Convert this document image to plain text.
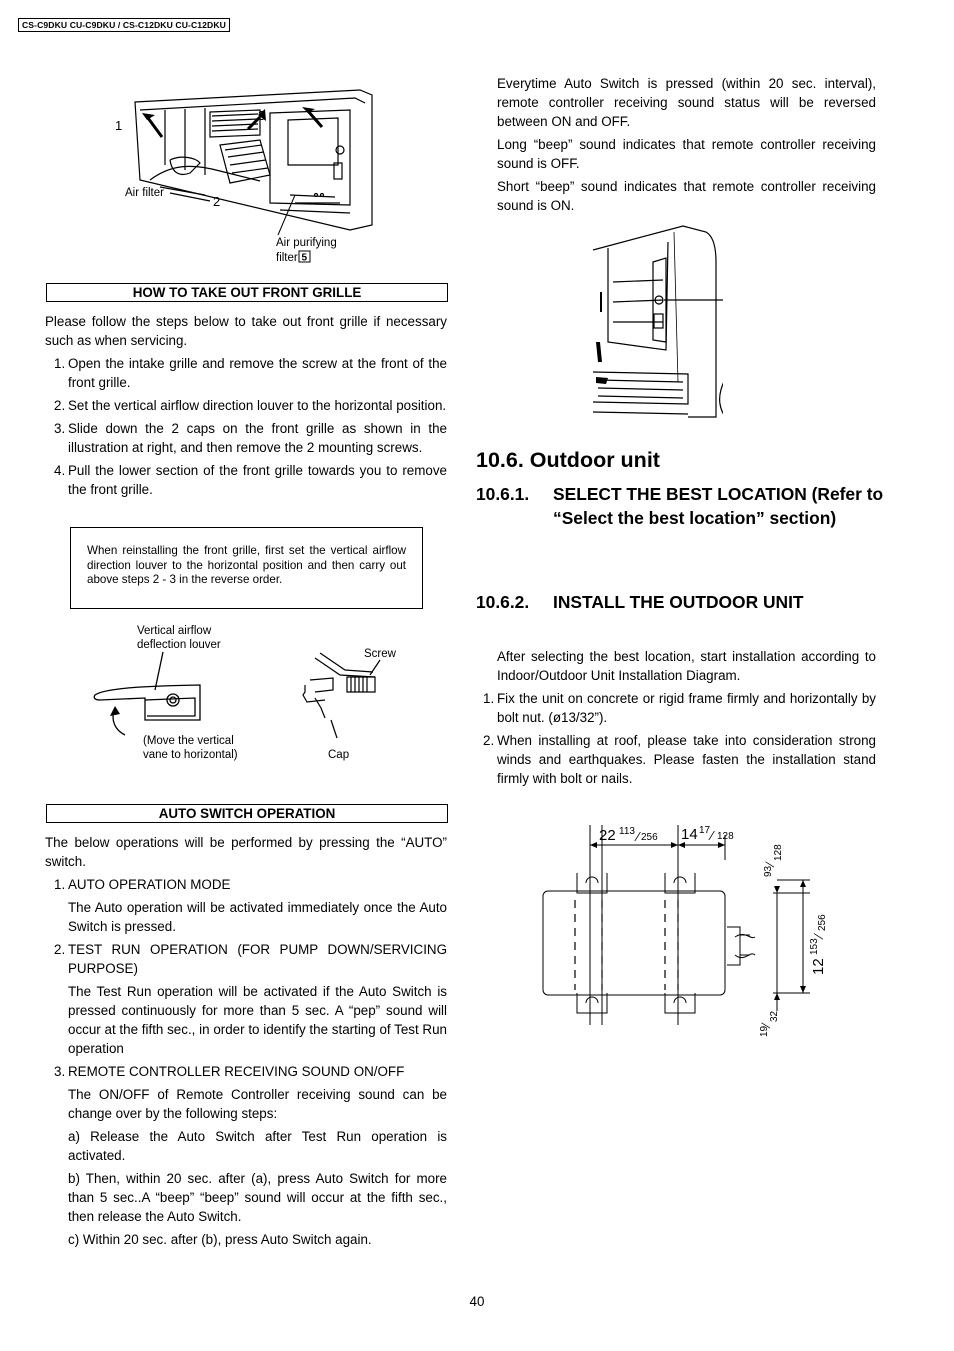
CS-C9DKU CU-C9DKU / CS-C12DKU CU-C12DKU
1
2
3
Air filter
Air purifying
filter 5
HOW TO TAKE OUT FRONT GRILLE

Please follow the steps below to take out front grille if necessary such as when servicing.

1. Open the intake grille and remove the screw at the front of the front grille.
2. Set the vertical airflow direction louver to the horizontal position.
3. Slide down the 2 caps on the front grille as shown in the illustration at right, and then remove the 2 mounting screws.
4. Pull the lower section of the front grille towards you to remove the front grille.
When reinstalling the front grille, first set the vertical airflow direction louver to the horizontal position and then carry out above steps 2 - 3 in the reverse order.
Vertical airflow
deflection louver
(Move the vertical
vane to horizontal)
Screw
Cap
AUTO SWITCH OPERATION

The below operations will be performed by pressing the “AUTO” switch.

1. AUTO OPERATION MODE

The Auto operation will be activated immediately once the Auto Switch is pressed.

2. TEST RUN OPERATION (FOR PUMP DOWN/SERVICING PURPOSE)

The Test Run operation will be activated if the Auto Switch is pressed continuously for more than 5 sec. A “pep” sound will occur at the fifth sec., in order to identify the starting of Test Run operation

3. REMOTE CONTROLLER RECEIVING SOUND ON/OFF

The ON/OFF of Remote Controller receiving sound can be change over by the following steps:

a) Release the Auto Switch after Test Run operation is activated.

b) Then, within 20 sec. after (a), press Auto Switch for more than 5 sec..A “beep” “beep” sound will occur at the fifth sec., then release the Auto Switch.

c) Within 20 sec. after (b), press Auto Switch again.

Everytime Auto Switch is pressed (within 20 sec. interval), remote controller receiving sound status will be reversed between ON and OFF.

Long “beep” sound indicates that remote controller receiving sound is OFF.

Short “beep” sound indicates that remote controller receiving sound is ON.

10.6. Outdoor unit
10.6.1. SELECT THE BEST LOCATION (Refer to “Select the best location” section)
10.6.2. INSTALL THE OUTDOOR UNIT

After selecting the best location, start installation according to Indoor/Outdoor Unit Installation Diagram.

1. Fix the unit on concrete or rigid frame firmly and horizontally by bolt nut. (ø13/32”).
2. When installing at roof, please take into consideration strong winds and earthquakes. Please fasten the installation stand firmly with bolt or nails.
22 113 ⁄ 256 14 17 ⁄ 128
93
⁄
128
12
153
⁄
256
19
⁄
32
40
